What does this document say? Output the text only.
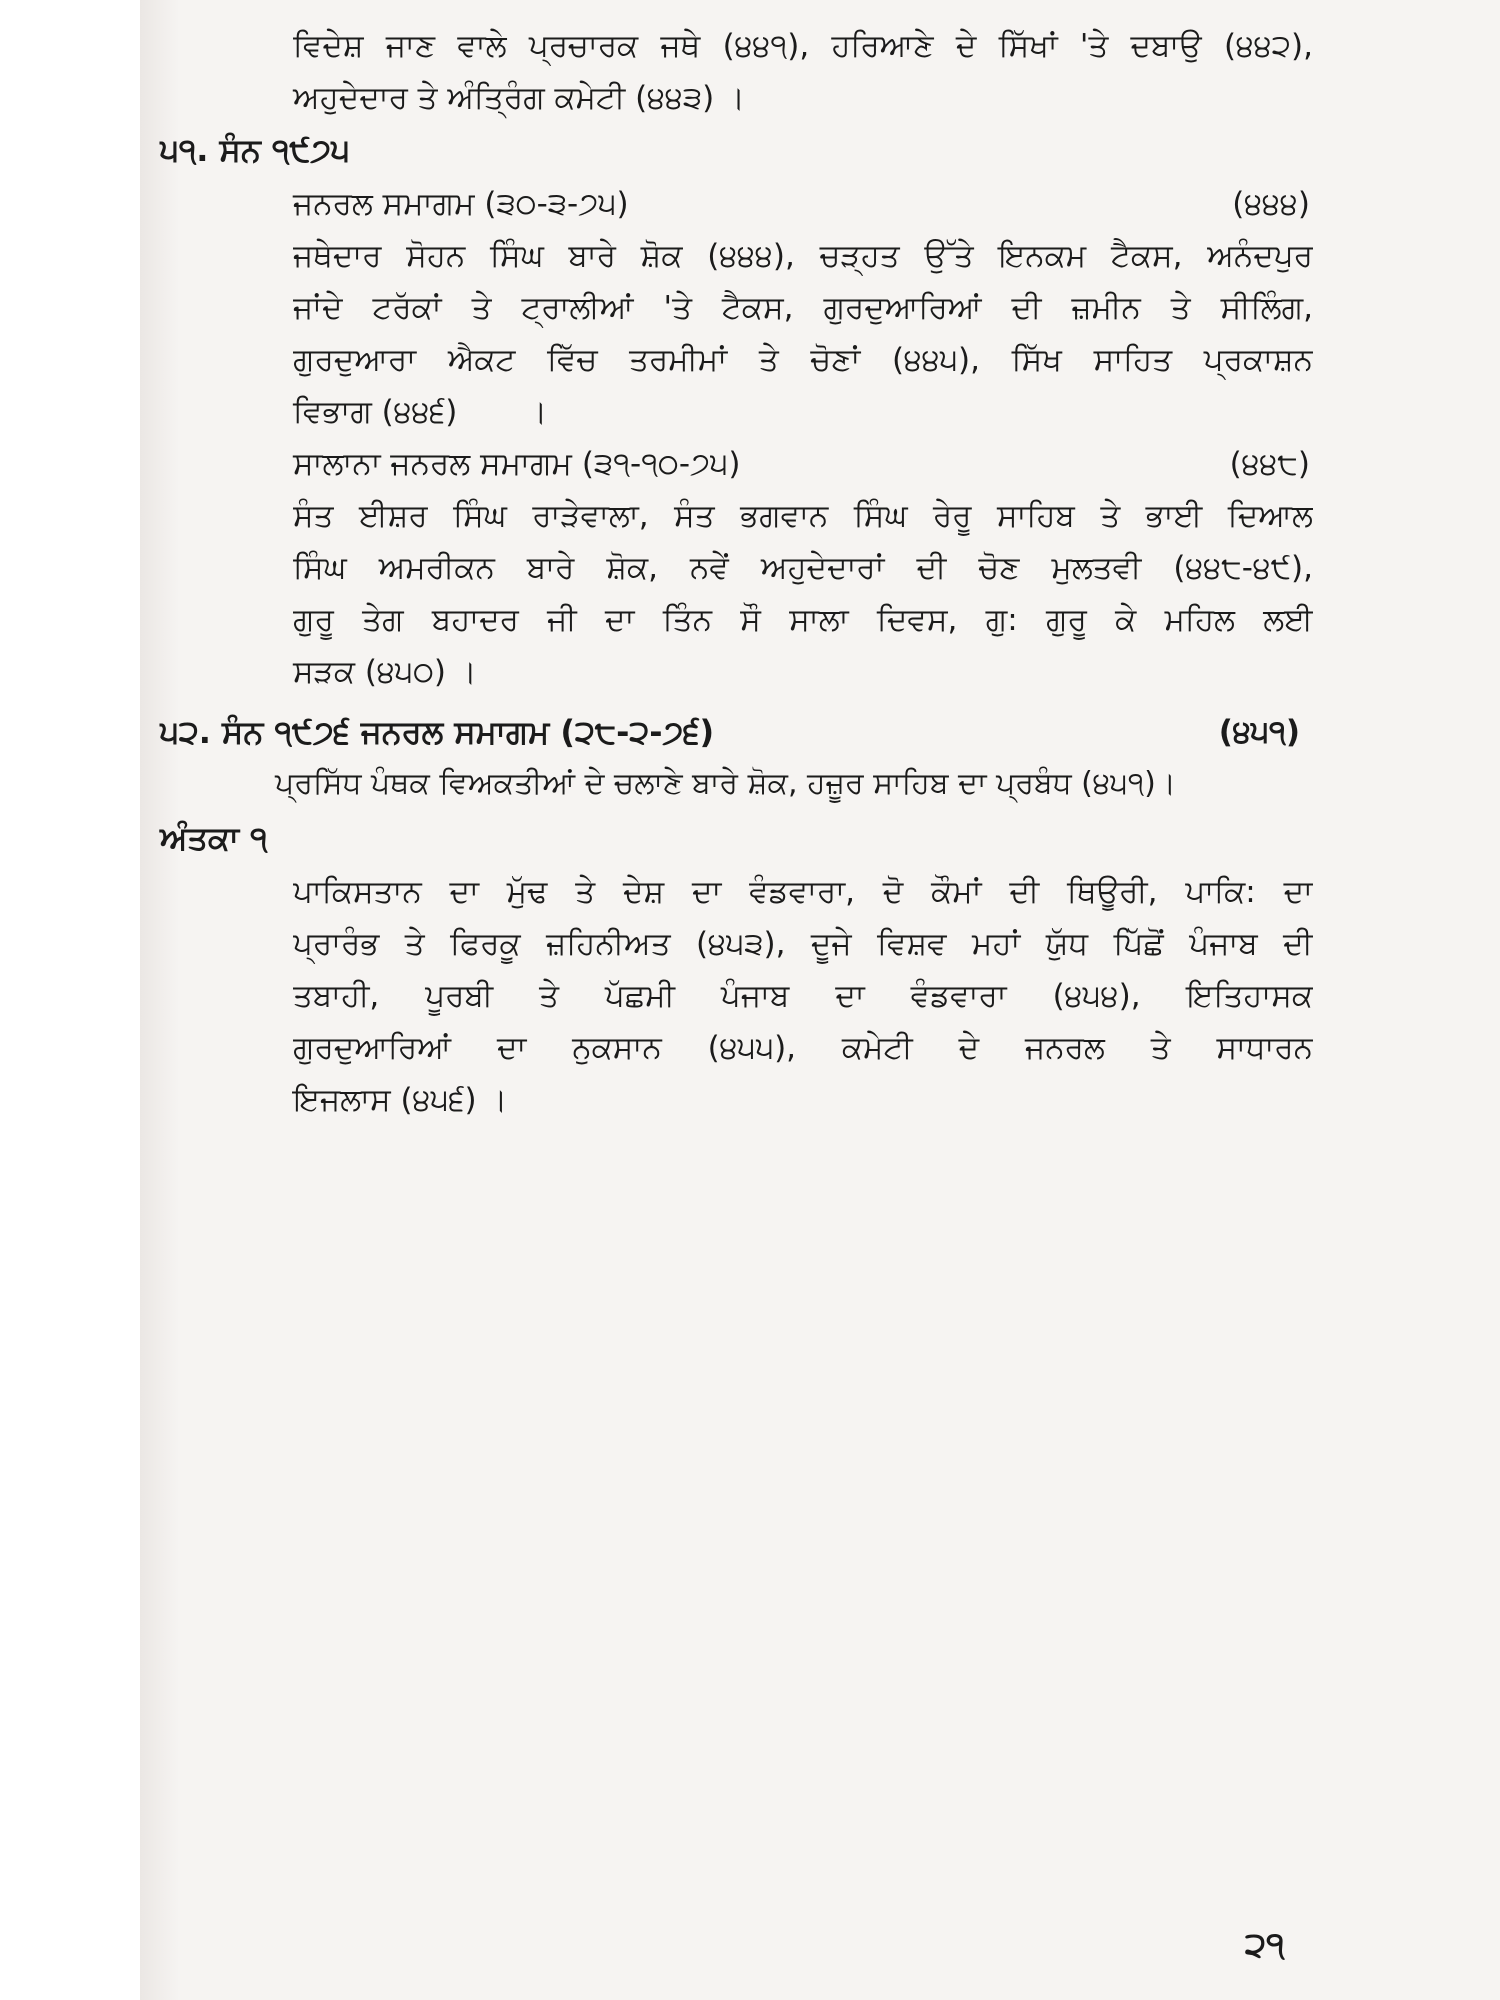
ਵਿਦੇਸ਼ ਜਾਣ ਵਾਲੇ ਪ੍ਰਚਾਰਕ ਜਥੇ (੪੪੧), ਹਰਿਆਣੇ ਦੇ ਸਿੱਖਾਂ 'ਤੇ ਦਬਾਉ (੪੪੨),
ਅਹੁਦੇਦਾਰ ਤੇ ਅੰਤ੍ਰਿੰਗ ਕਮੇਟੀ (੪੪੩) ।
੫੧. ਸੰਨ ੧੯੭੫
ਜਨਰਲ ਸਮਾਗਮ (੩੦-੩-੭੫)	(੪੪੪)
ਜਥੇਦਾਰ ਸੋਹਨ ਸਿੰਘ ਬਾਰੇ ਸ਼ੋਕ (੪੪੪), ਚੜ੍ਹਤ ਉੱਤੇ ਇਨਕਮ ਟੈਕਸ, ਅਨੰਦਪੁਰ
ਜਾਂਦੇ ਟਰੱਕਾਂ ਤੇ ਟ੍ਰਾਲੀਆਂ 'ਤੇ ਟੈਕਸ, ਗੁਰਦੁਆਰਿਆਂ ਦੀ ਜ਼ਮੀਨ ਤੇ ਸੀਲਿੰਗ,
ਗੁਰਦੁਆਰਾ ਐਕਟ ਵਿੱਚ ਤਰਮੀਮਾਂ ਤੇ ਚੋਣਾਂ (੪੪੫), ਸਿੱਖ ਸਾਹਿਤ ਪ੍ਰਕਾਸ਼ਨ
ਵਿਭਾਗ (੪੪੬)       ।
ਸਾਲਾਨਾ ਜਨਰਲ ਸਮਾਗਮ (੩੧-੧੦-੭੫)	(੪੪੮)
ਸੰਤ ਈਸ਼ਰ ਸਿੰਘ ਰਾੜੇਵਾਲਾ, ਸੰਤ ਭਗਵਾਨ ਸਿੰਘ ਰੇਰੂ ਸਾਹਿਬ ਤੇ ਭਾਈ ਦਿਆਲ
ਸਿੰਘ ਅਮਰੀਕਨ ਬਾਰੇ ਸ਼ੋਕ, ਨਵੇਂ ਅਹੁਦੇਦਾਰਾਂ ਦੀ ਚੋਣ ਮੁਲਤਵੀ (੪੪੮-੪੯),
ਗੁਰੂ ਤੇਗ ਬਹਾਦਰ ਜੀ ਦਾ ਤਿੰਨ ਸੌ ਸਾਲਾ ਦਿਵਸ, ਗੁ: ਗੁਰੂ ਕੇ ਮਹਿਲ ਲਈ
ਸੜਕ (੪੫੦) ।
੫੨. ਸੰਨ ੧੯੭੬ ਜਨਰਲ ਸਮਾਗਮ (੨੮-੨-੭੬)	(੪੫੧)
ਪ੍ਰਸਿੱਧ ਪੰਥਕ ਵਿਅਕਤੀਆਂ ਦੇ ਚਲਾਣੇ ਬਾਰੇ ਸ਼ੋਕ, ਹਜ਼ੂਰ ਸਾਹਿਬ ਦਾ ਪ੍ਰਬੰਧ (੪੫੧)।
ਅੰਤਕਾ ੧
ਪਾਕਿਸਤਾਨ ਦਾ ਮੁੱਢ ਤੇ ਦੇਸ਼ ਦਾ ਵੰਡਵਾਰਾ, ਦੋ ਕੌਮਾਂ ਦੀ ਥਿਊਰੀ, ਪਾਕਿ: ਦਾ
ਪ੍ਰਾਰੰਭ ਤੇ ਫਿਰਕੂ ਜ਼ਹਿਨੀਅਤ (੪੫੩), ਦੂਜੇ ਵਿਸ਼ਵ ਮਹਾਂ ਯੁੱਧ ਪਿੱਛੋਂ ਪੰਜਾਬ ਦੀ
ਤਬਾਹੀ, ਪੂਰਬੀ ਤੇ ਪੱਛਮੀ ਪੰਜਾਬ ਦਾ ਵੰਡਵਾਰਾ (੪੫੪), ਇਤਿਹਾਸਕ
ਗੁਰਦੁਆਰਿਆਂ ਦਾ ਨੁਕਸਾਨ (੪੫੫), ਕਮੇਟੀ ਦੇ ਜਨਰਲ ਤੇ ਸਾਧਾਰਨ
ਇਜਲਾਸ (੪੫੬) ।
੨੧
